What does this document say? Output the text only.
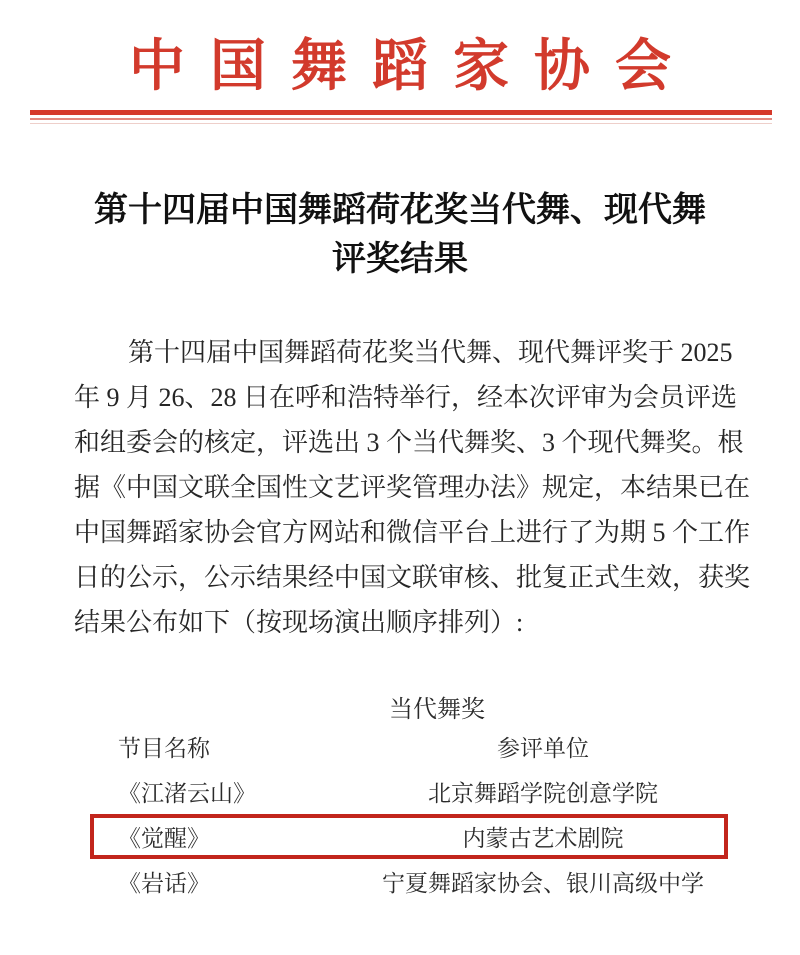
中国舞蹈家协会
第十四届中国舞蹈荷花奖当代舞、现代舞
评奖结果
第十四届中国舞蹈荷花奖当代舞、现代舞评奖于 2025
年 9 月 26、28 日在呼和浩特举行，经本次评审为会员评选
和组委会的核定，评选出 3 个当代舞奖、3 个现代舞奖。根
据《中国文联全国性文艺评奖管理办法》规定，本结果已在
中国舞蹈家协会官方网站和微信平台上进行了为期 5 个工作
日的公示，公示结果经中国文联审核、批复正式生效，获奖
结果公布如下（按现场演出顺序排列）:
当代舞奖
节目名称	参评单位
《江渚云山》	北京舞蹈学院创意学院
《觉醒》	内蒙古艺术剧院
《岩话》	宁夏舞蹈家协会、银川高级中学
